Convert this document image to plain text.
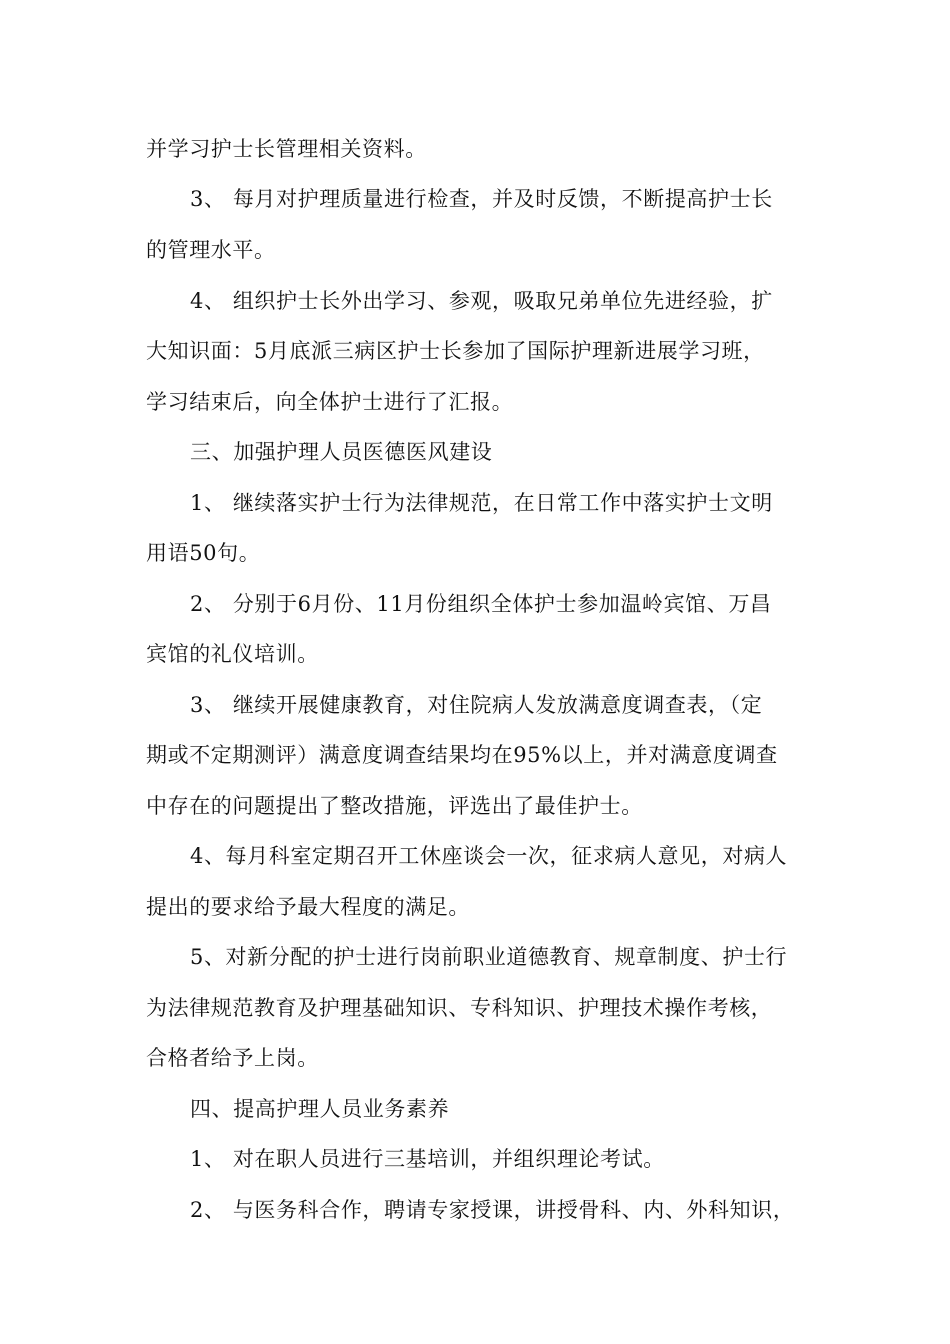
并学习护士长管理相关资料。
3、 每月对护理质量进行检查，并及时反馈，不断提高护士长
的管理水平。
4、 组织护士长外出学习、参观，吸取兄弟单位先进经验，扩
大知识面：5月底派三病区护士长参加了国际护理新进展学习班，
学习结束后，向全体护士进行了汇报。
三、加强护理人员医德医风建设
1、 继续落实护士行为法律规范，在日常工作中落实护士文明
用语50句。
2、 分别于6月份、11月份组织全体护士参加温岭宾馆、万昌
宾馆的礼仪培训。
3、 继续开展健康教育，对住院病人发放满意度调查表，（定
期或不定期测评）满意度调查结果均在95%以上，并对满意度调查
中存在的问题提出了整改措施，评选出了最佳护士。
4、每月科室定期召开工休座谈会一次，征求病人意见，对病人
提出的要求给予最大程度的满足。
5、对新分配的护士进行岗前职业道德教育、规章制度、护士行
为法律规范教育及护理基础知识、专科知识、护理技术操作考核，
合格者给予上岗。
四、提高护理人员业务素养
1、 对在职人员进行三基培训，并组织理论考试。
2、 与医务科合作，聘请专家授课，讲授骨科、内、外科知识，
